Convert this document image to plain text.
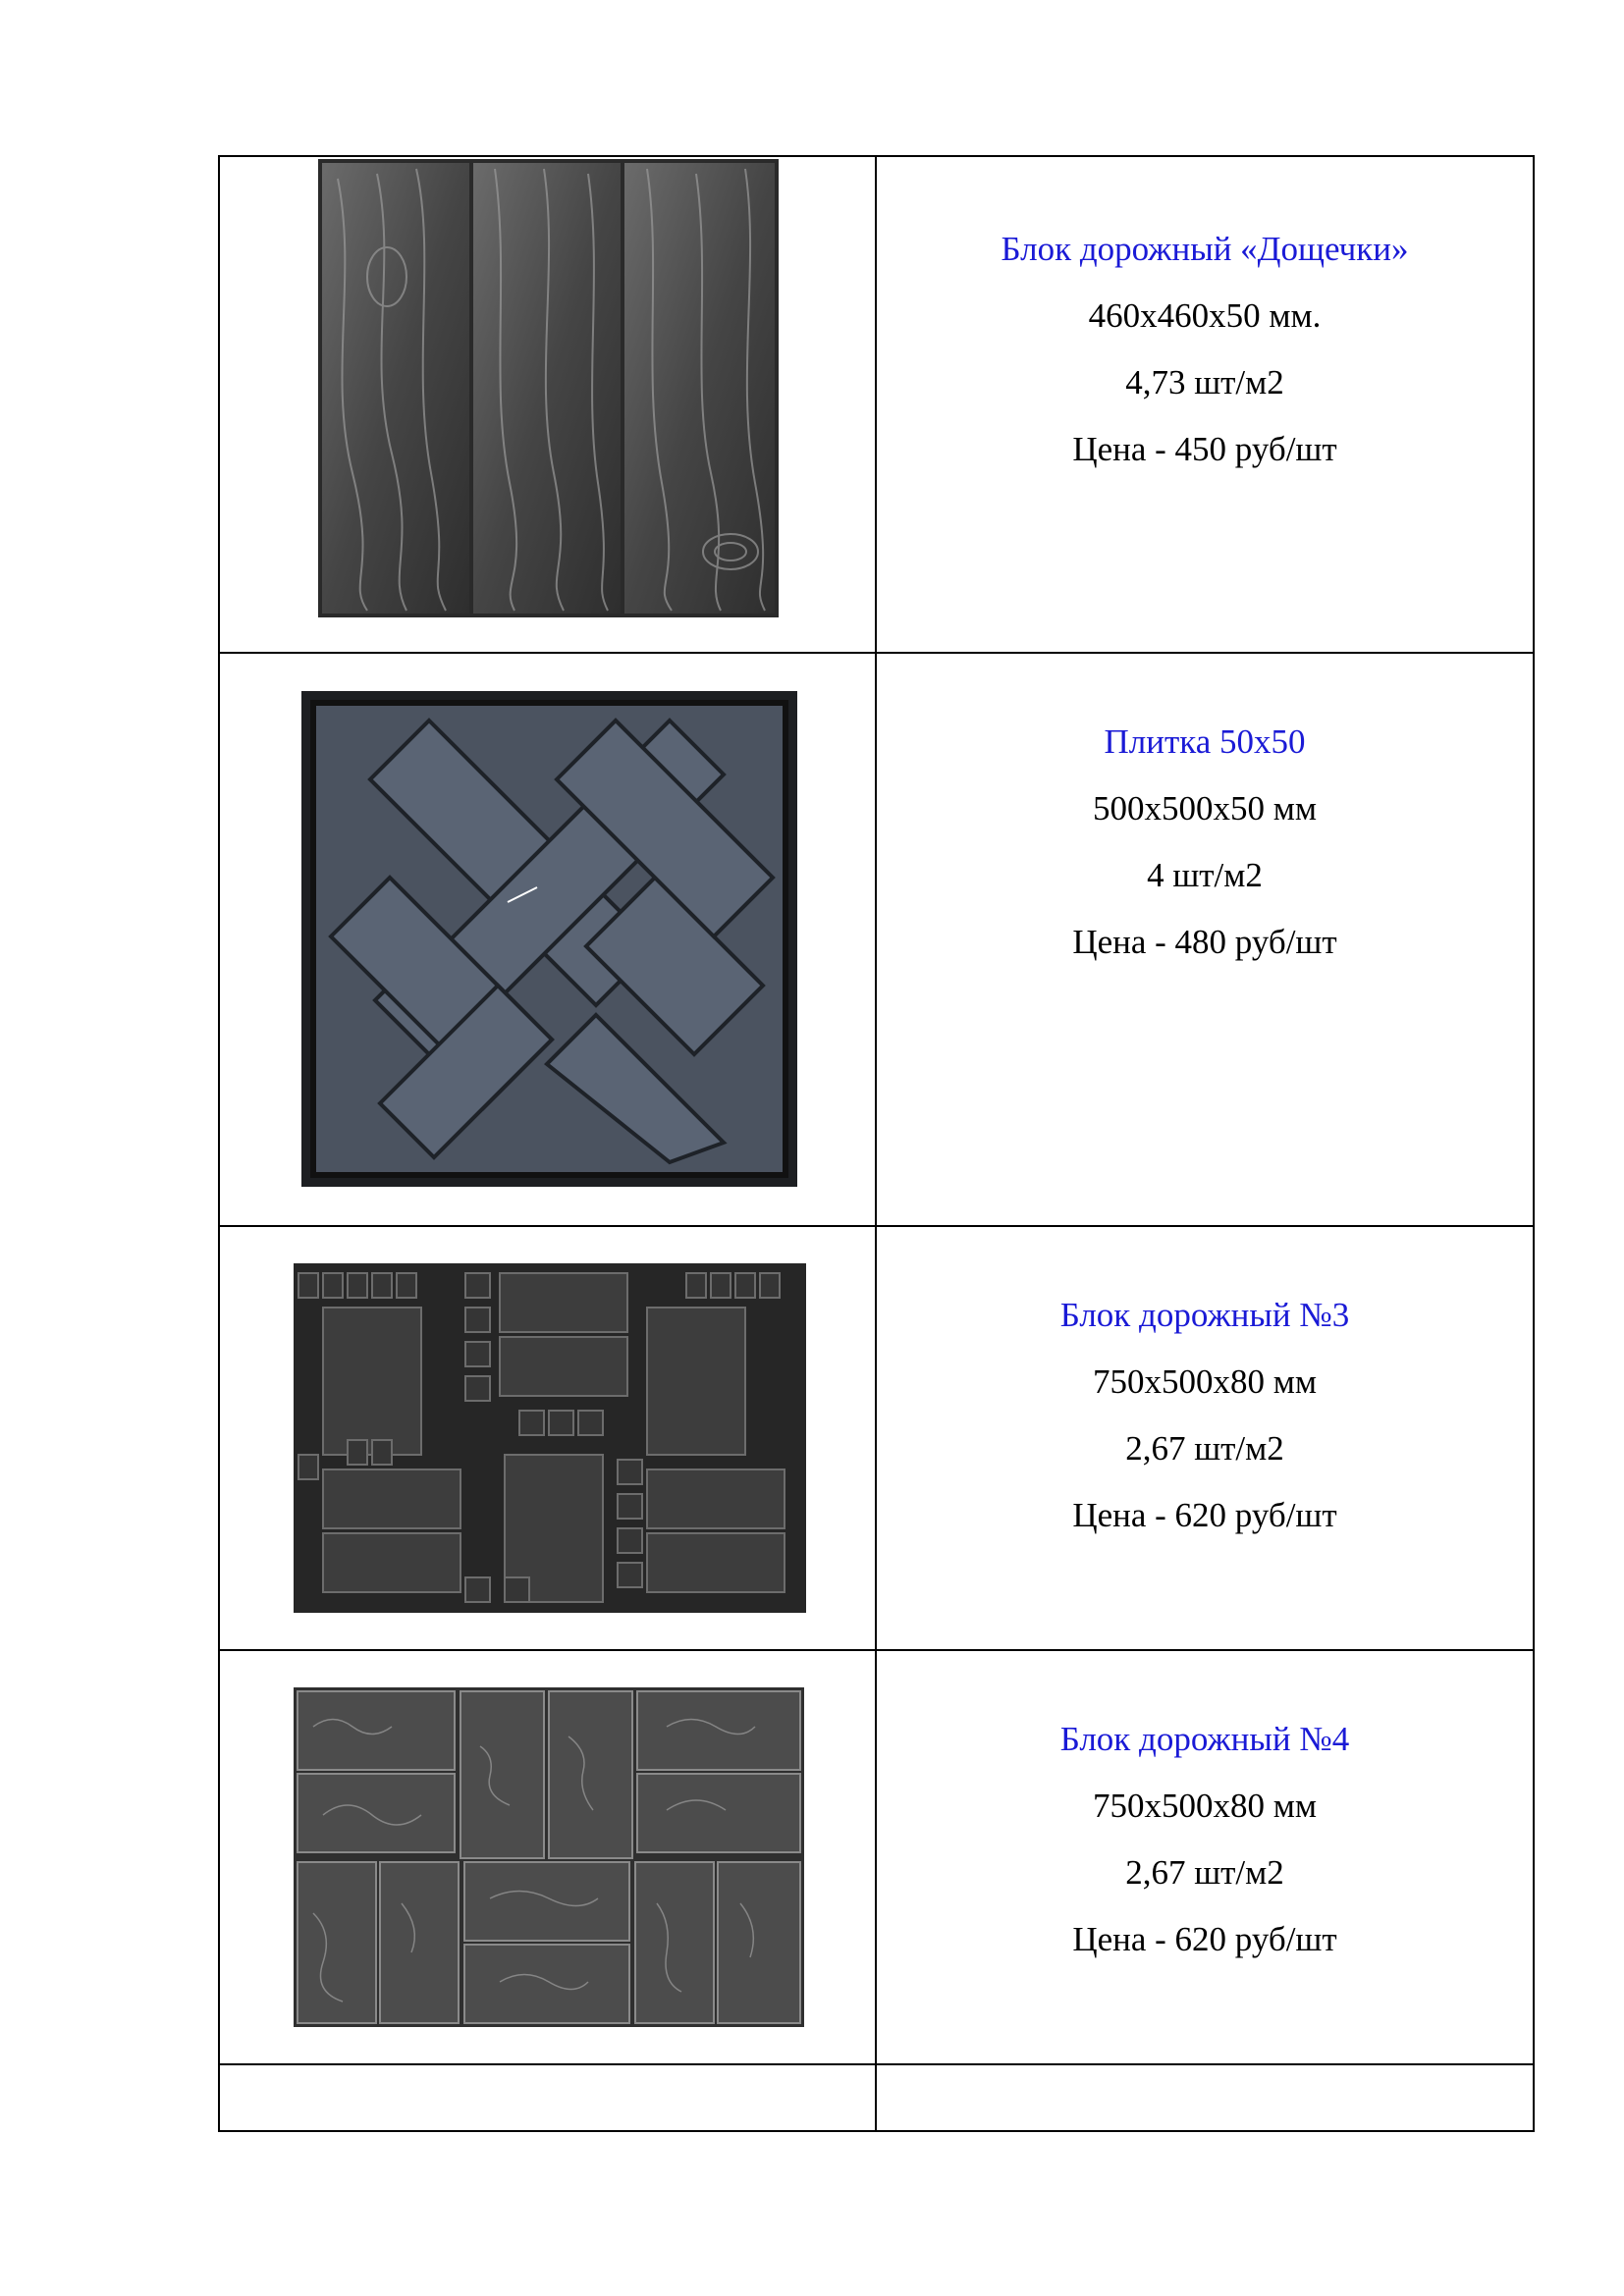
Блок дорожный «Дощечки»

460х460х50 мм.

4,73 шт/м2

Цена - 450 руб/шт

Плитка 50х50

500х500х50 мм

4 шт/м2

Цена - 480 руб/шт

Блок дорожный №3

750х500х80 мм

2,67 шт/м2

Цена - 620 руб/шт

Блок дорожный №4

750х500х80 мм

2,67 шт/м2

Цена - 620 руб/шт
